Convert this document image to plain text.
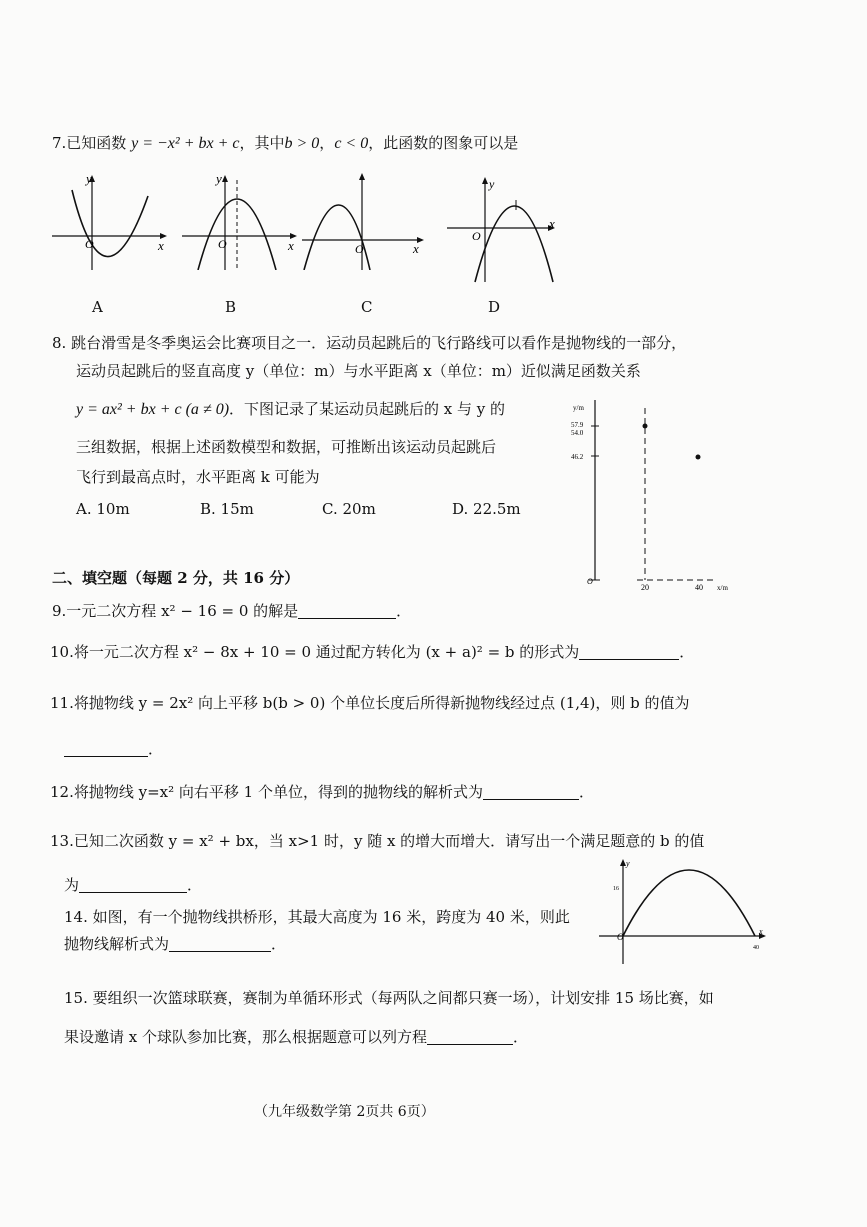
7.已知函数 y = −x² + bx + c，其中b > 0，c < 0，此函数的图象可以是
y
x
O
A
y
x
O
B
x
O
C
y
x
O
D
8. 跳台滑雪是冬季奥运会比赛项目之一．运动员起跳后的飞行路线可以看作是抛物线的一部分，
运动员起跳后的竖直高度 y（单位：m）与水平距离 x（单位：m）近似满足函数关系
y = ax² + bx + c (a ≠ 0)．下图记录了某运动员起跳后的 x 与 y 的
三组数据，根据上述函数模型和数据，可推断出该运动员起跳后
飞行到最高点时，水平距离 k 可能为
A. 10m	B. 15m	C. 20m	D. 22.5m
y/m
57.9
54.0
46.2
O
20	40 x/m
二、填空题（每题 2 分，共 16 分）
9.一元二次方程 x² − 16 = 0 的解是	．
10.将一元二次方程 x² − 8x + 10 = 0 通过配方转化为 (x + a)² = b 的形式为	．
11.将抛物线 y = 2x² 向上平移 b(b > 0) 个单位长度后所得新抛物线经过点 (1,4)，则 b 的值为
．
12.将抛物线 y=x² 向右平移 1 个单位，得到的抛物线的解析式为	．
13.已知二次函数 y = x² + bx，当 x>1 时，y 随 x 的增大而增大．请写出一个满足题意的 b 的值
为	．
14. 如图，有一个抛物线拱桥形，其最大高度为 16 米，跨度为 40 米，则此
抛物线解析式为	．
y
16
O
x
40
15. 要组织一次篮球联赛，赛制为单循环形式（每两队之间都只赛一场），计划安排 15 场比赛，如
果设邀请 x 个球队参加比赛，那么根据题意可以列方程	．
（九年级数学第 2页共 6页）
